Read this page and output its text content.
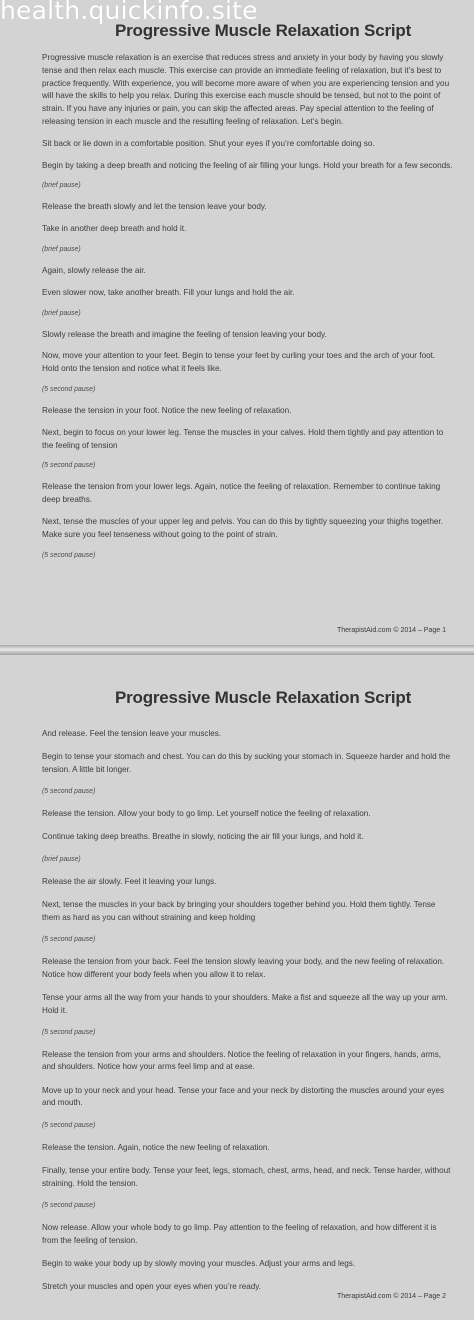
health.quickinfo.site
Progressive Muscle Relaxation Script

Progressive muscle relaxation is an exercise that reduces stress and anxiety in your body by having you slowly tense and then relax each muscle. This exercise can provide an immediate feeling of relaxation, but it’s best to practice frequently. With experience, you will become more aware of when you are experiencing tension and you will have the skills to help you relax. During this exercise each muscle should be tensed, but not to the point of strain. If you have any injuries or pain, you can skip the affected areas. Pay special attention to the feeling of releasing tension in each muscle and the resulting feeling of relaxation. Let’s begin.

Sit back or lie down in a comfortable position. Shut your eyes if you’re comfortable doing so.

Begin by taking a deep breath and noticing the feeling of air filling your lungs. Hold your breath for a few seconds.

(brief pause)

Release the breath slowly and let the tension leave your body.

Take in another deep breath and hold it.

(brief pause)

Again, slowly release the air.

Even slower now, take another breath. Fill your lungs and hold the air.

(brief pause)

Slowly release the breath and imagine the feeling of tension leaving your body.

Now, move your attention to your feet. Begin to tense your feet by curling your toes and the arch of your foot. Hold onto the tension and notice what it feels like.

(5 second pause)

Release the tension in your foot. Notice the new feeling of relaxation.

Next, begin to focus on your lower leg. Tense the muscles in your calves. Hold them tightly and pay attention to the feeling of tension

(5 second pause)

Release the tension from your lower legs. Again, notice the feeling of relaxation. Remember to continue taking deep breaths.

Next, tense the muscles of your upper leg and pelvis. You can do this by tightly squeezing your thighs together. Make sure you feel tenseness without going to the point of strain.

(5 second pause)

TherapistAid.com © 2014 – Page 1
Progressive Muscle Relaxation Script

And release. Feel the tension leave your muscles.

Begin to tense your stomach and chest. You can do this by sucking your stomach in. Squeeze harder and hold the tension. A little bit longer.

(5 second pause)

Release the tension. Allow your body to go limp. Let yourself notice the feeling of relaxation.

Continue taking deep breaths. Breathe in slowly, noticing the air fill your lungs, and hold it.

(brief pause)

Release the air slowly. Feel it leaving your lungs.

Next, tense the muscles in your back by bringing your shoulders together behind you. Hold them tightly. Tense them as hard as you can without straining and keep holding

(5 second pause)

Release the tension from your back. Feel the tension slowly leaving your body, and the new feeling of relaxation. Notice how different your body feels when you allow it to relax.

Tense your arms all the way from your hands to your shoulders. Make a fist and squeeze all the way up your arm. Hold it.

(5 second pause)

Release the tension from your arms and shoulders. Notice the feeling of relaxation in your fingers, hands, arms, and shoulders. Notice how your arms feel limp and at ease.

Move up to your neck and your head. Tense your face and your neck by distorting the muscles around your eyes and mouth.

(5 second pause)

Release the tension. Again, notice the new feeling of relaxation.

Finally, tense your entire body. Tense your feet, legs, stomach, chest, arms, head, and neck. Tense harder, without straining. Hold the tension.

(5 second pause)

Now release. Allow your whole body to go limp. Pay attention to the feeling of relaxation, and how different it is from the feeling of tension.

Begin to wake your body up by slowly moving your muscles. Adjust your arms and legs.

Stretch your muscles and open your eyes when you’re ready.

TherapistAid.com © 2014 – Page 2
